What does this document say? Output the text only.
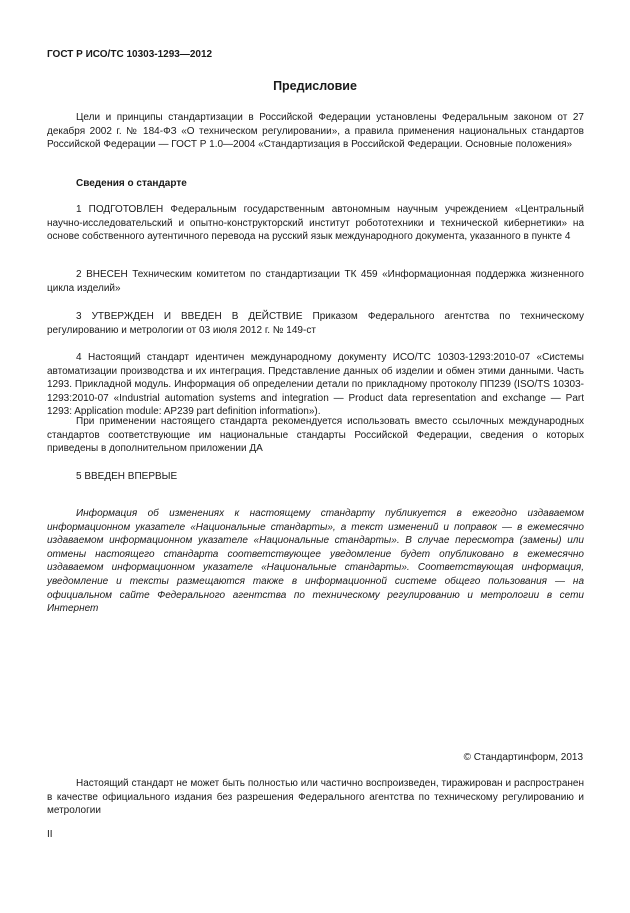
ГОСТ Р ИСО/ТС 10303-1293—2012
Предисловие
Цели и принципы стандартизации в Российской Федерации установлены Федеральным законом от 27 декабря 2002 г. № 184-ФЗ «О техническом регулировании», а правила применения национальных стандартов Российской Федерации — ГОСТ Р 1.0—2004 «Стандартизация в Российской Федерации. Основные положения»
Сведения о стандарте
1 ПОДГОТОВЛЕН Федеральным государственным автономным научным учреждением «Центральный научно-исследовательский и опытно-конструкторский институт робототехники и технической кибернетики» на основе собственного аутентичного перевода на русский язык международного документа, указанного в пункте 4
2 ВНЕСЕН Техническим комитетом по стандартизации ТК 459 «Информационная поддержка жизненного цикла изделий»
3 УТВЕРЖДЕН И ВВЕДЕН В ДЕЙСТВИЕ Приказом Федерального агентства по техническому регулированию и метрологии от 03 июля 2012 г. № 149-ст
4 Настоящий стандарт идентичен международному документу ИСО/ТС 10303-1293:2010-07 «Системы автоматизации производства и их интеграция. Представление данных об изделии и обмен этими данными. Часть 1293. Прикладной модуль. Информация об определении детали по прикладному протоколу ПП239 (ISO/TS 10303-1293:2010-07 «Industrial automation systems and integration — Product data representation and exchange — Part 1293: Application module: AP239 part definition information»).
При применении настоящего стандарта рекомендуется использовать вместо ссылочных международных стандартов соответствующие им национальные стандарты Российской Федерации, сведения о которых приведены в дополнительном приложении ДА
5 ВВЕДЕН ВПЕРВЫЕ
Информация об изменениях к настоящему стандарту публикуется в ежегодно издаваемом информационном указателе «Национальные стандарты», а текст изменений и поправок — в ежемесячно издаваемом информационном указателе «Национальные стандарты». В случае пересмотра (замены) или отмены настоящего стандарта соответствующее уведомление будет опубликовано в ежемесячно издаваемом информационном указателе «Национальные стандарты». Соответствующая информация, уведомление и тексты размещаются также в информационной системе общего пользования — на официальном сайте Федерального агентства по техническому регулированию и метрологии в сети Интернет
© Стандартинформ, 2013
Настоящий стандарт не может быть полностью или частично воспроизведен, тиражирован и распространен в качестве официального издания без разрешения Федерального агентства по техническому регулированию и метрологии
II
